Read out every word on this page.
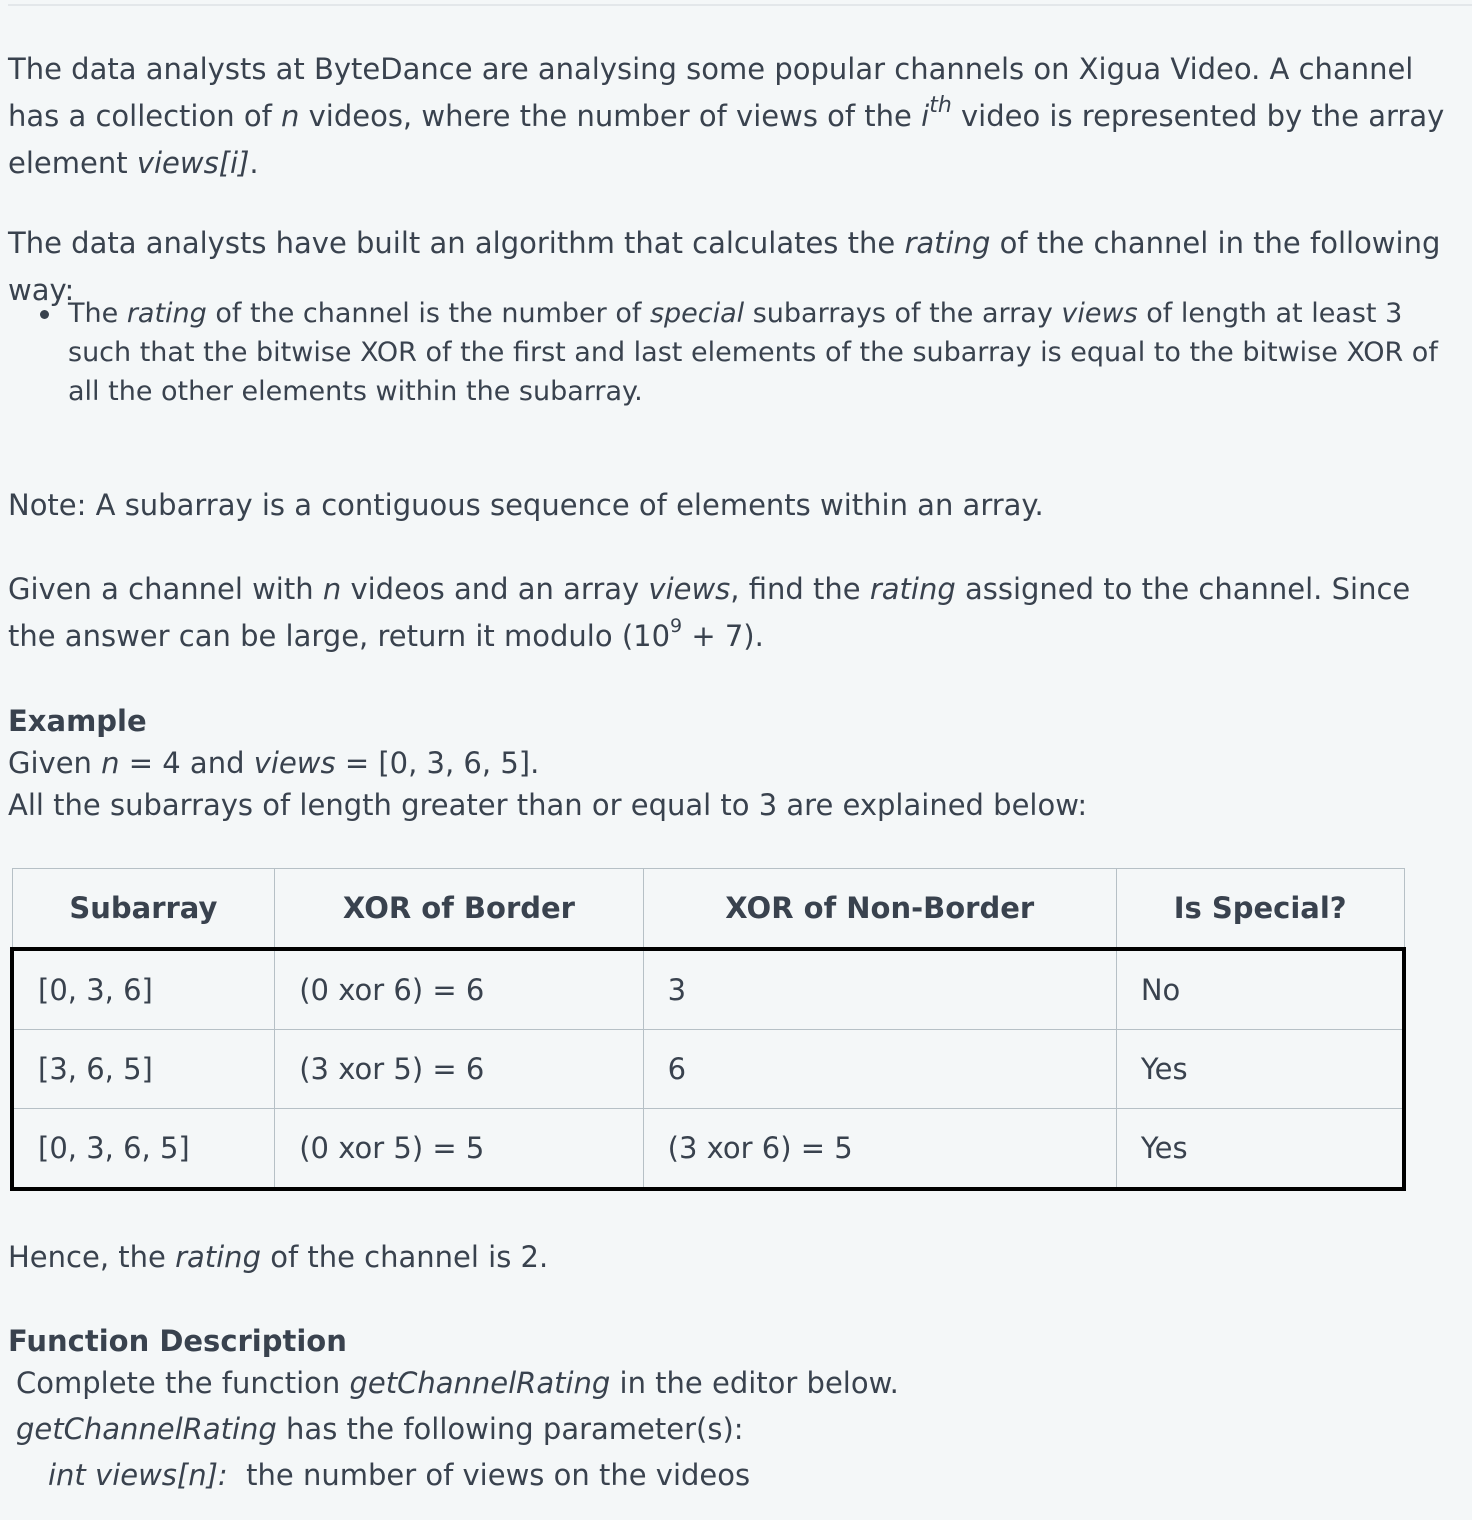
The data analysts at ByteDance are analysing some popular channels on Xigua Video. A channel has a collection of n videos, where the number of views of the $i^{th}$ video is represented by the array element views[i].

The data analysts have built an algorithm that calculates the rating of the channel in the following way:

The rating of the channel is the number of special subarrays of the array views of length at least 3 such that the bitwise XOR of the first and last elements of the subarray is equal to the bitwise XOR of all the other elements within the subarray.

Note: A subarray is a contiguous sequence of elements within an array.

Given a channel with n videos and an array views, find the rating assigned to the channel. Since the answer can be large, return it modulo $(10^9 + 7)$.

Example

Given n = 4 and views = [0, 3, 6, 5].

All the subarrays of length greater than or equal to 3 are explained below:

Subarray	XOR of Border	XOR of Non-Border	Is Special?
[0, 3, 6]	(0 xor 6) = 6	3	No
[3, 6, 5]	(3 xor 5) = 6	6	Yes
[0, 3, 6, 5]	(0 xor 5) = 5	(3 xor 6) = 5	Yes

Hence, the rating of the channel is 2.

Function Description

Complete the function getChannelRating in the editor below.

getChannelRating has the following parameter(s):

int views[n]:  the number of views on the videos
